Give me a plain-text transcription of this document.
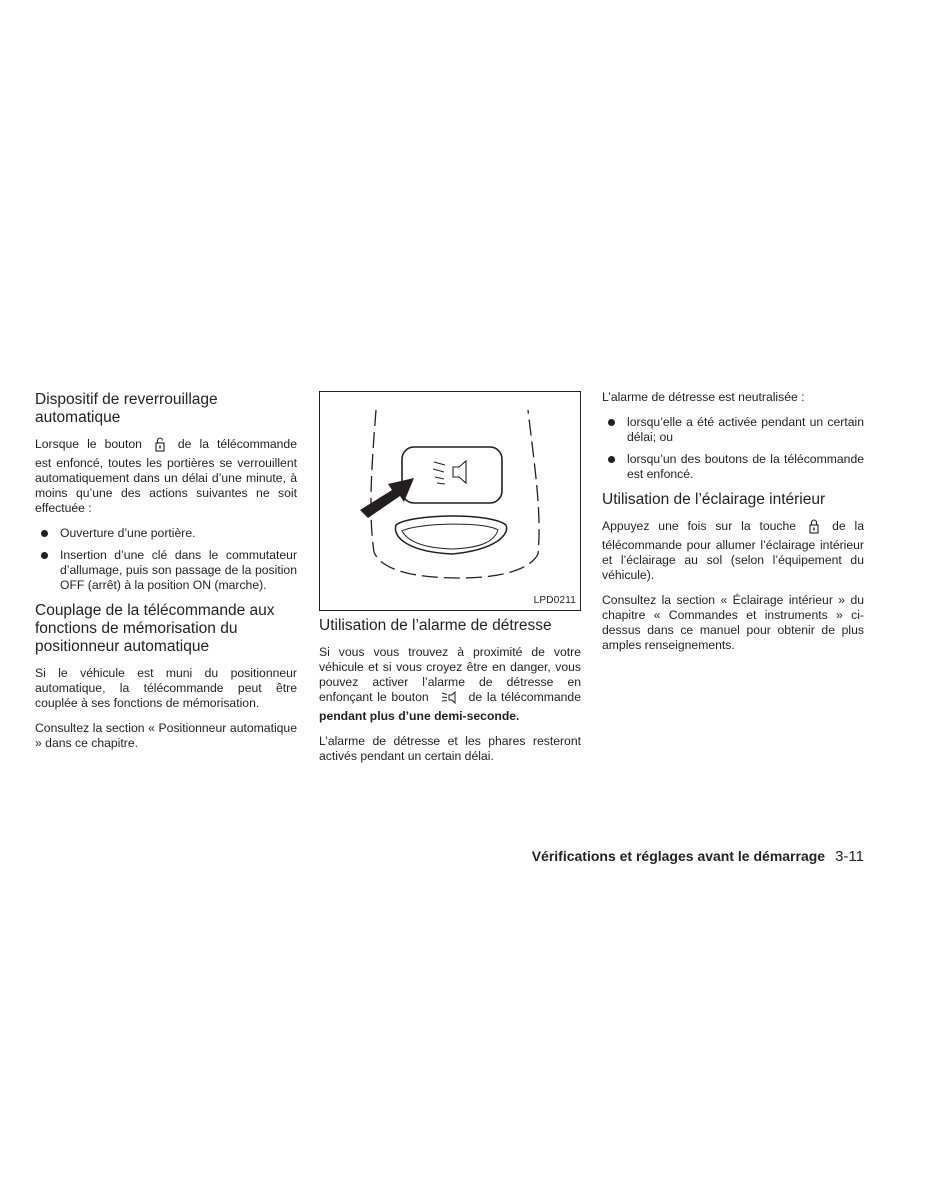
Dispositif de reverrouillage automatique

Lorsque le bouton	de la télécommande est enfoncé, toutes les portières se verrouillent automatiquement dans un délai d’une minute, à moins qu’une des actions suivantes ne soit effectuée :

Ouverture d’une portière.
Insertion d’une clé dans le commutateur d’allumage, puis son passage de la position OFF (arrêt) à la position ON (marche).
Couplage de la télécommande aux fonctions de mémorisation du positionneur automatique

Si le véhicule est muni du positionneur automatique, la télécommande peut être couplée à ses fonctions de mémorisation.

Consultez la section « Positionneur automatique » dans ce chapitre.

LPD0211
Utilisation de l’alarme de détresse

Si vous vous trouvez à proximité de votre véhicule et si vous croyez être en danger, vous pouvez activer l’alarme de détresse en enfonçant le bouton	de la télécommande pendant plus d’une demi-seconde.

L’alarme de détresse et les phares resteront activés pendant un certain délai.

L’alarme de détresse est neutralisée :

lorsqu’elle a été activée pendant un certain délai; ou
lorsqu’un des boutons de la télécommande est enfoncé.
Utilisation de l’éclairage intérieur

Appuyez une fois sur la touche	de la télécommande pour allumer l’éclairage intérieur et l’éclairage au sol (selon l’équipement du véhicule).

Consultez la section « Éclairage intérieur » du chapitre « Commandes et instruments » ci-dessus dans ce manuel pour obtenir de plus amples renseignements.

Vérifications et réglages avant le démarrage 3-11
